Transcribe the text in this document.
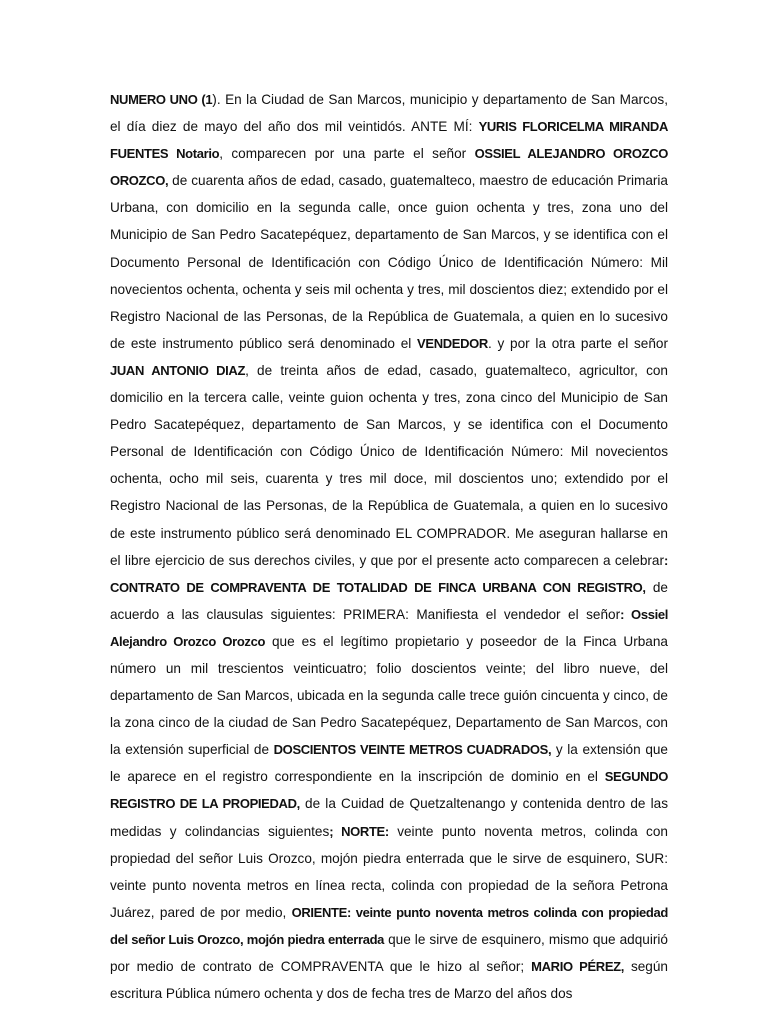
NUMERO UNO (1). En la Ciudad de San Marcos, municipio y departamento de San Marcos, el día diez de mayo del año dos mil veintidós. ANTE MÍ: YURIS FLORICELMA MIRANDA FUENTES Notario, comparecen por una parte el señor OSSIEL ALEJANDRO OROZCO OROZCO, de cuarenta años de edad, casado, guatemalteco, maestro de educación Primaria Urbana, con domicilio en la segunda calle, once guion ochenta y tres, zona uno del Municipio de San Pedro Sacatepéquez, departamento de San Marcos, y se identifica con el Documento Personal de Identificación con Código Único de Identificación Número: Mil novecientos ochenta, ochenta y seis mil ochenta y tres, mil doscientos diez; extendido por el Registro Nacional de las Personas, de la República de Guatemala, a quien en lo sucesivo de este instrumento público será denominado el VENDEDOR. y por la otra parte el señor JUAN ANTONIO DIAZ, de treinta años de edad, casado, guatemalteco, agricultor, con domicilio en la tercera calle, veinte guion ochenta y tres, zona cinco del Municipio de San Pedro Sacatepéquez, departamento de San Marcos, y se identifica con el Documento Personal de Identificación con Código Único de Identificación Número: Mil novecientos ochenta, ocho mil seis, cuarenta y tres mil doce, mil doscientos uno; extendido por el Registro Nacional de las Personas, de la República de Guatemala, a quien en lo sucesivo de este instrumento público será denominado EL COMPRADOR. Me aseguran hallarse en el libre ejercicio de sus derechos civiles, y que por el presente acto comparecen a celebrar: CONTRATO DE COMPRAVENTA DE TOTALIDAD DE FINCA URBANA CON REGISTRO, de acuerdo a las clausulas siguientes: PRIMERA: Manifiesta el vendedor el señor: Ossiel Alejandro Orozco Orozco que es el legítimo propietario y poseedor de la Finca Urbana número un mil trescientos veinticuatro; folio doscientos veinte; del libro nueve, del departamento de San Marcos, ubicada en la segunda calle trece guión cincuenta y cinco, de la zona cinco de la ciudad de San Pedro Sacatepéquez, Departamento de San Marcos, con la extensión superficial de DOSCIENTOS VEINTE METROS CUADRADOS, y la extensión que le aparece en el registro correspondiente en la inscripción de dominio en el SEGUNDO REGISTRO DE LA PROPIEDAD, de la Cuidad de Quetzaltenango y contenida dentro de las medidas y colindancias siguientes; NORTE: veinte punto noventa metros, colinda con propiedad del señor Luis Orozco, mojón piedra enterrada que le sirve de esquinero, SUR: veinte punto noventa metros en línea recta, colinda con propiedad de la señora Petrona Juárez, pared de por medio, ORIENTE: veinte punto noventa metros colinda con propiedad del señor Luis Orozco, mojón piedra enterrada que le sirve de esquinero, mismo que adquirió por medio de contrato de COMPRAVENTA que le hizo al señor; MARIO PÉREZ, según escritura Pública número ochenta y dos de fecha tres de Marzo del años dos
